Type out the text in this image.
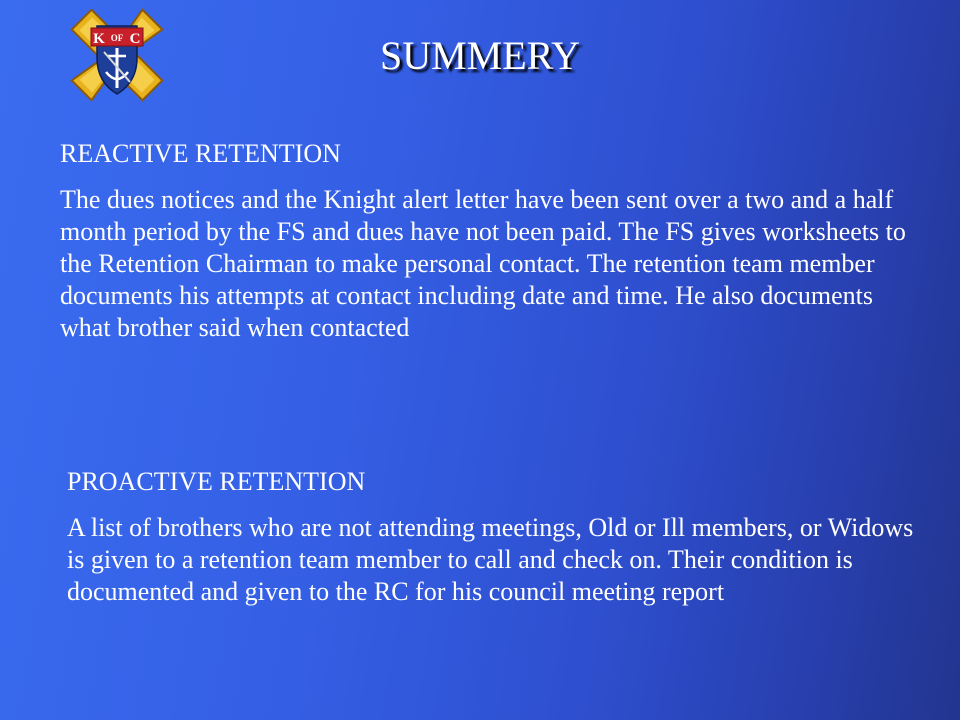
K OF C	SUMMERY

REACTIVE RETENTION

The dues notices and the Knight alert letter have been sent over a two and a half month period by the FS and dues have not been paid. The FS gives worksheets to the Retention Chairman to make personal contact. The retention team member documents his attempts at contact including date and time. He also documents what brother said when contacted

PROACTIVE RETENTION

A list of brothers who are not attending meetings, Old or Ill members, or Widows is given to a retention team member to call and check on. Their condition is documented and given to the RC for his council meeting report
